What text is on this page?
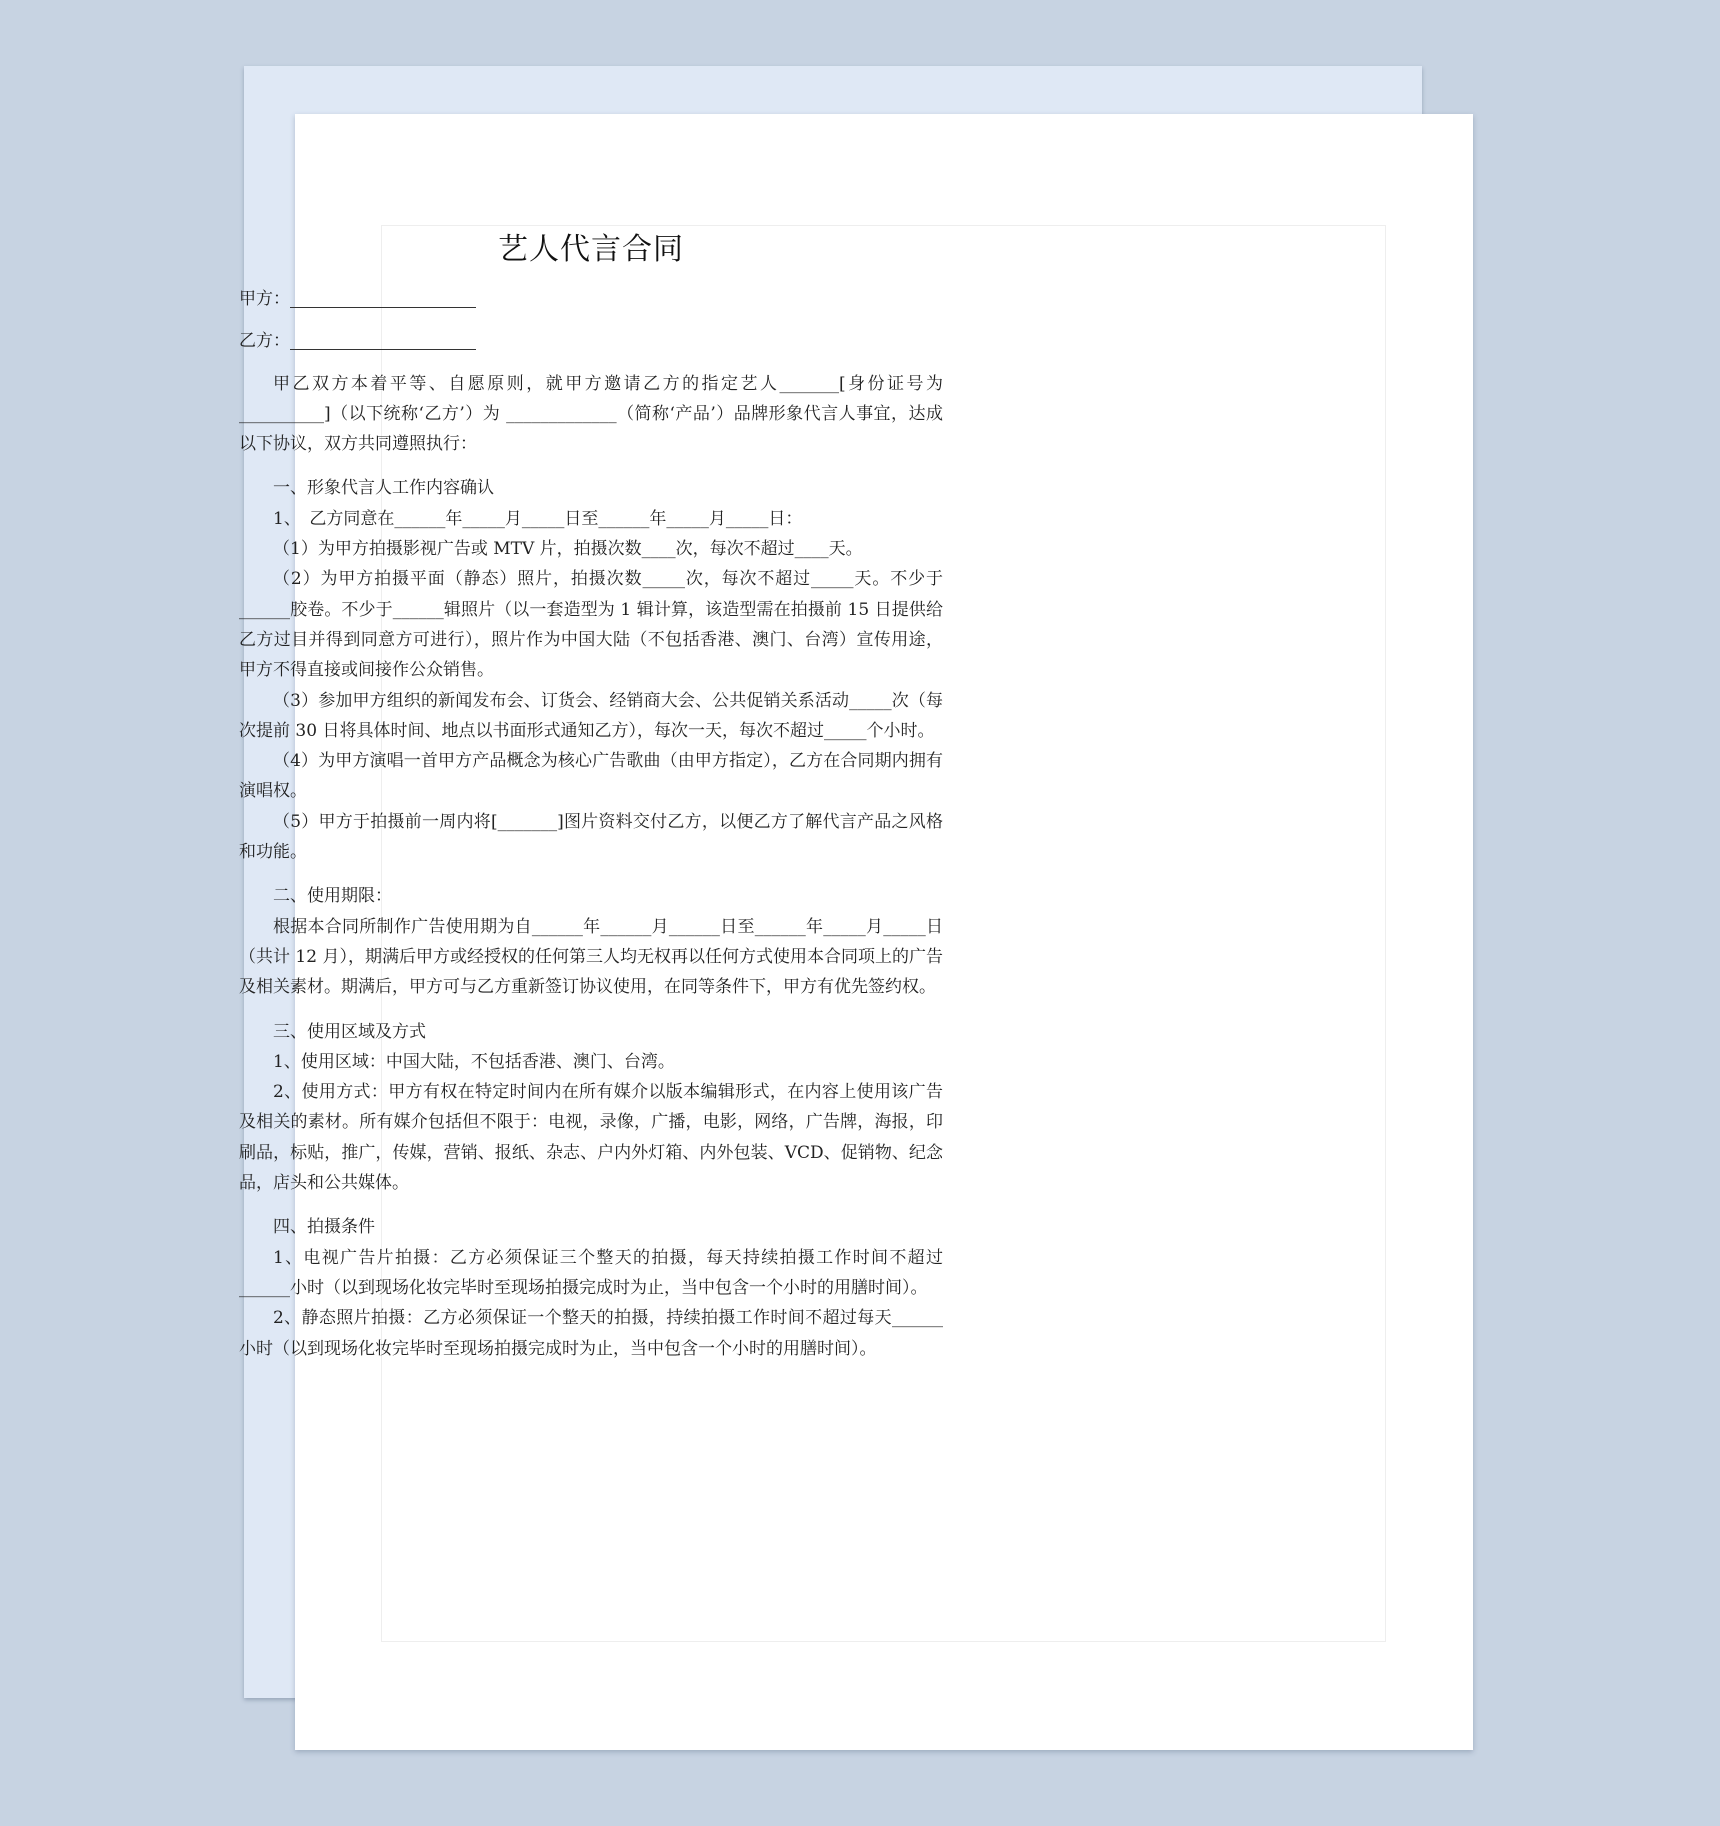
艺人代言合同
甲方：
乙方：

甲乙双方本着平等、自愿原则，就甲方邀请乙方的指定艺人_______[身份证号为__________]（以下统称‘乙方’）为 _____________（简称‘产品’）品牌形象代言人事宜，达成以下协议，双方共同遵照执行：

一、形象代言人工作内容确认

1、　乙方同意在______年_____月_____日至______年_____月_____日：

（1）为甲方拍摄影视广告或 MTV 片，拍摄次数____次，每次不超过____天。

（2）为甲方拍摄平面（静态）照片，拍摄次数_____次，每次不超过_____天。不少于______胶卷。不少于______辑照片（以一套造型为 1 辑计算，该造型需在拍摄前 15 日提供给乙方过目并得到同意方可进行），照片作为中国大陆（不包括香港、澳门、台湾）宣传用途，甲方不得直接或间接作公众销售。

（3）参加甲方组织的新闻发布会、订货会、经销商大会、公共促销关系活动_____次（每次提前 30 日将具体时间、地点以书面形式通知乙方），每次一天，每次不超过_____个小时。

（4）为甲方演唱一首甲方产品概念为核心广告歌曲（由甲方指定），乙方在合同期内拥有演唱权。

（5）甲方于拍摄前一周内将[_______]图片资料交付乙方，以便乙方了解代言产品之风格和功能。

二、使用期限：

根据本合同所制作广告使用期为自______年______月______日至______年_____月_____日（共计 12 月），期满后甲方或经授权的任何第三人均无权再以任何方式使用本合同项上的广告及相关素材。期满后，甲方可与乙方重新签订协议使用，在同等条件下，甲方有优先签约权。

三、使用区域及方式

1、使用区域：中国大陆，不包括香港、澳门、台湾。

2、使用方式：甲方有权在特定时间内在所有媒介以版本编辑形式，在内容上使用该广告及相关的素材。所有媒介包括但不限于：电视，录像，广播，电影，网络，广告牌，海报，印刷品，标贴，推广，传媒，营销、报纸、杂志、户内外灯箱、内外包装、VCD、促销物、纪念品，店头和公共媒体。

四、拍摄条件

1、电视广告片拍摄：乙方必须保证三个整天的拍摄，每天持续拍摄工作时间不超过______小时（以到现场化妆完毕时至现场拍摄完成时为止，当中包含一个小时的用膳时间）。

2、静态照片拍摄：乙方必须保证一个整天的拍摄，持续拍摄工作时间不超过每天______小时（以到现场化妆完毕时至现场拍摄完成时为止，当中包含一个小时的用膳时间）。
